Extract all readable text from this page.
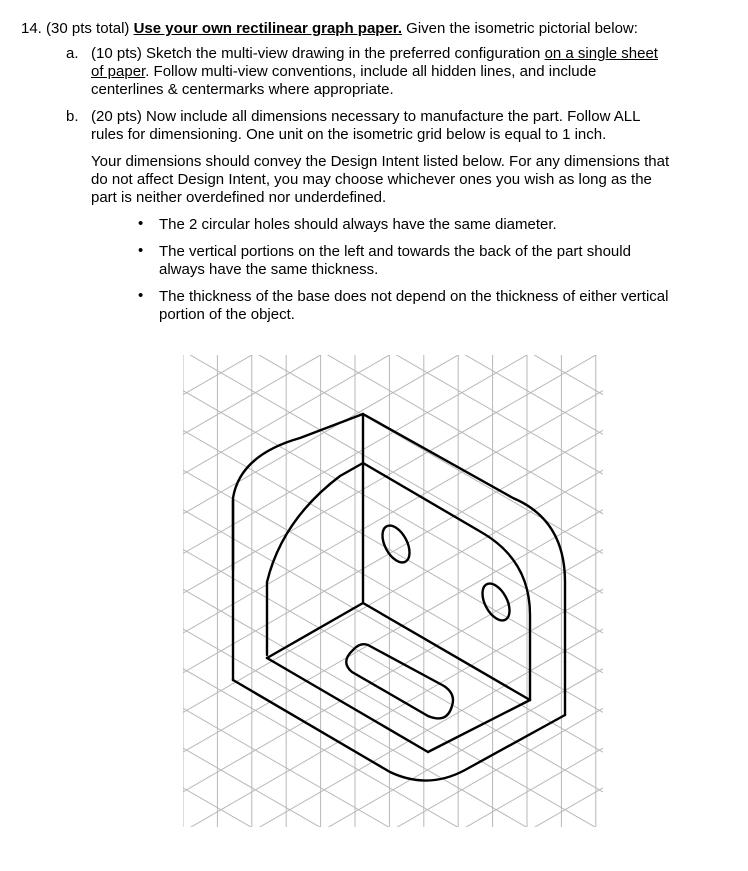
14. (30 pts total) Use your own rectilinear graph paper. Given the isometric pictorial below:
a. (10 pts) Sketch the multi-view drawing in the preferred configuration on a single sheet
of paper. Follow multi-view conventions, include all hidden lines, and include
centerlines & centermarks where appropriate.
b. (20 pts) Now include all dimensions necessary to manufacture the part. Follow ALL
rules for dimensioning. One unit on the isometric grid below is equal to 1 inch.
Your dimensions should convey the Design Intent listed below. For any dimensions that
do not affect Design Intent, you may choose whichever ones you wish as long as the
part is neither overdefined nor underdefined.
• The 2 circular holes should always have the same diameter.
• The vertical portions on the left and towards the back of the part should
always have the same thickness.
• The thickness of the base does not depend on the thickness of either vertical
portion of the object.
